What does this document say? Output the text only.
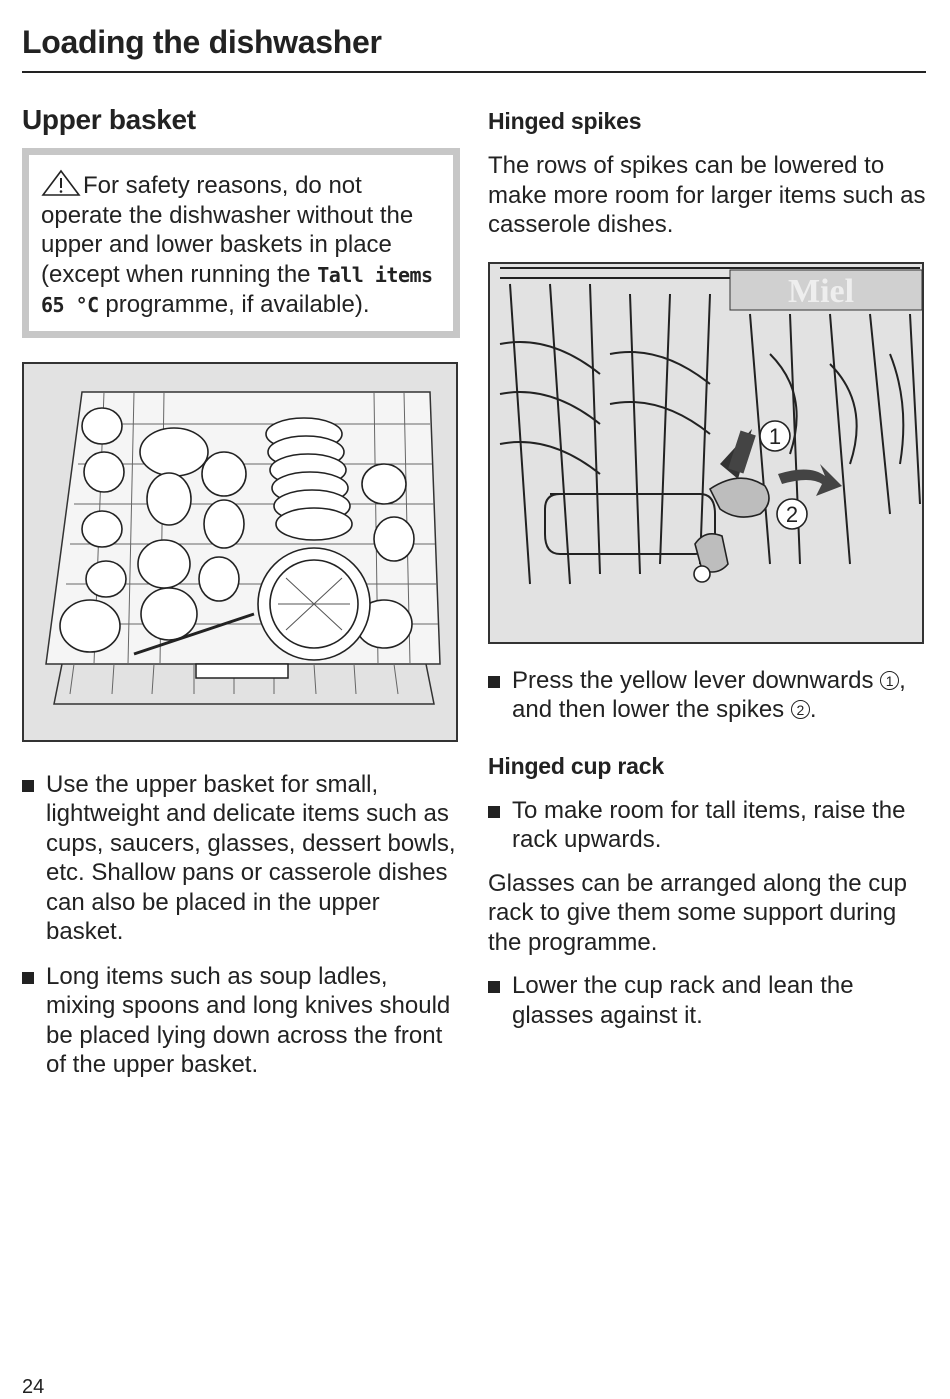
Loading the dishwasher
Upper basket
For safety reasons, do not operate the dishwasher without the upper and lower baskets in place (except when running the Tall items 65 °C programme, if available).
Use the upper basket for small, lightweight and delicate items such as cups, saucers, glasses, dessert bowls, etc. Shallow pans or casserole dishes can also be placed in the upper basket.
Long items such as soup ladles, mixing spoons and long knives should be placed lying down across the front of the upper basket.
Hinged spikes

The rows of spikes can be lowered to make more room for larger items such as casserole dishes.

1
2
Miel
Press the yellow lever downwards 1 , and then lower the spikes 2 .
Hinged cup rack
To make room for tall items, raise the rack upwards.

Glasses can be arranged along the cup rack to give them some support during the programme.

Lower the cup rack and lean the glasses against it.
24
